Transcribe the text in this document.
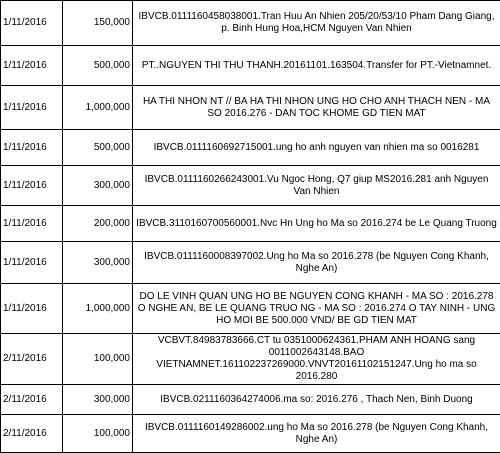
1/11/2016	150,000	IBVCB.0111160458038001.Tran Huu An Nhien 205/20/53/10 Pham Dang Giang, p. Binh Hung Hoa,HCM Nguyen Van Nhien
1/11/2016	500,000	PT..NGUYEN THI THU THANH.20161101.163504.Transfer for PT.-Vietnamnet.
1/11/2016	1,000,000	HA THI NHON NT // BA HA THI NHON UNG HO CHO ANH THACH NEN - MA SO 2016.276 - DAN TOC KHOME GD TIEN MAT
1/11/2016	500,000	IBVCB.0111160692715001.ung ho anh nguyen van nhien ma so 0016281
1/11/2016	300,000	IBVCB.0111160266243001.Vu Ngoc Hong, Q7 giup MS2016.281 anh Nguyen Van Nhien
1/11/2016	200,000	IBVCB.3110160700560001.Nvc Hn Ung ho Ma so 2016.274 be Le Quang Truong
1/11/2016	300,000	IBVCB.0111160008397002.Ung ho Ma so 2016.278 (be Nguyen Cong Khanh, Nghe An)
1/11/2016	1,000,000	DO LE VINH QUAN UNG HO BE NGUYEN CONG KHANH - MA SO : 2016.278 O NGHE AN, BE LE QUANG TRUO NG - MA SO : 2016.274 O TAY NINH - UNG HO MOI BE 500.000 VND/ BE GD TIEN MAT
2/11/2016	100,000	VCBVT.84983783666.CT tu 0351000624361.PHAM ANH HOANG sang 0011002643148.BAO VIETNAMNET.161102237269000.VNVT20161102151247.Ung ho ma so 2016.280
2/11/2016	300,000	IBVCB.0211160364274006.ma so: 2016.276 , Thach Nen, Binh Duong
2/11/2016	100,000	IBVCB.0111160149286002.ung ho Ma so 2016.278 (be Nguyen Cong Khanh, Nghe An)
